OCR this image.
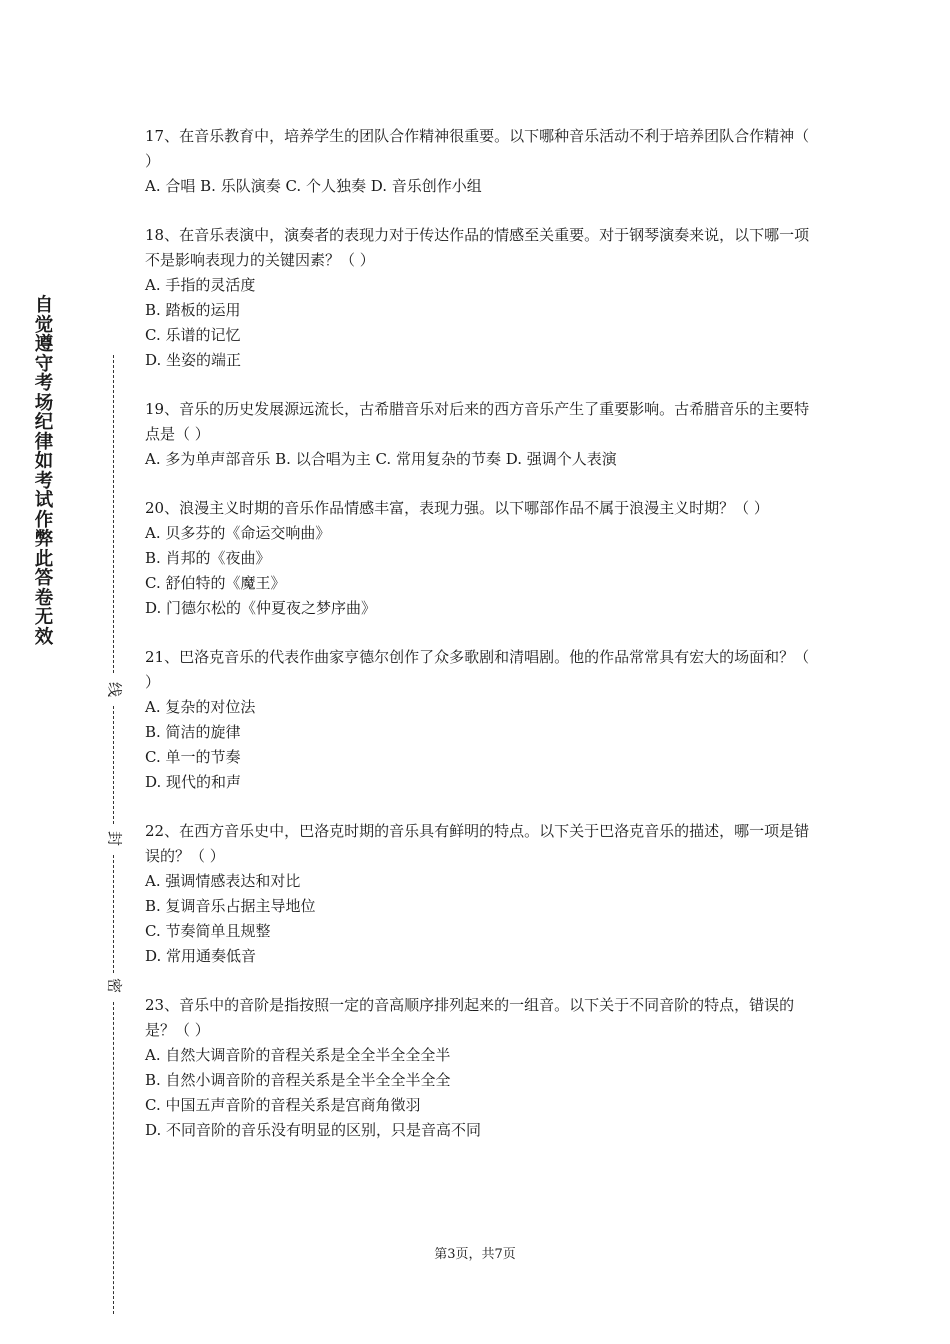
自觉遵守考场纪律如考试作弊此答卷无效
线
封
密

17、在音乐教育中，培养学生的团队合作精神很重要。以下哪种音乐活动不利于培养团队合作精神（ ）

A. 合唱 B. 乐队演奏 C. 个人独奏 D. 音乐创作小组

18、在音乐表演中，演奏者的表现力对于传达作品的情感至关重要。对于钢琴演奏来说，以下哪一项不是影响表现力的关键因素？（ ）

A. 手指的灵活度

B. 踏板的运用

C. 乐谱的记忆

D. 坐姿的端正

19、音乐的历史发展源远流长，古希腊音乐对后来的西方音乐产生了重要影响。古希腊音乐的主要特点是（ ）

A. 多为单声部音乐 B. 以合唱为主 C. 常用复杂的节奏 D. 强调个人表演

20、浪漫主义时期的音乐作品情感丰富，表现力强。以下哪部作品不属于浪漫主义时期？（ ）

A. 贝多芬的《命运交响曲》

B. 肖邦的《夜曲》

C. 舒伯特的《魔王》

D. 门德尔松的《仲夏夜之梦序曲》

21、巴洛克音乐的代表作曲家亨德尔创作了众多歌剧和清唱剧。他的作品常常具有宏大的场面和？（ ）

A. 复杂的对位法

B. 简洁的旋律

C. 单一的节奏

D. 现代的和声

22、在西方音乐史中，巴洛克时期的音乐具有鲜明的特点。以下关于巴洛克音乐的描述，哪一项是错误的？（ ）

A. 强调情感表达和对比

B. 复调音乐占据主导地位

C. 节奏简单且规整

D. 常用通奏低音

23、音乐中的音阶是指按照一定的音高顺序排列起来的一组音。以下关于不同音阶的特点，错误的是？（ ）

A. 自然大调音阶的音程关系是全全半全全全半

B. 自然小调音阶的音程关系是全半全全半全全

C. 中国五声音阶的音程关系是宫商角徵羽

D. 不同音阶的音乐没有明显的区别，只是音高不同

第3页，共7页
